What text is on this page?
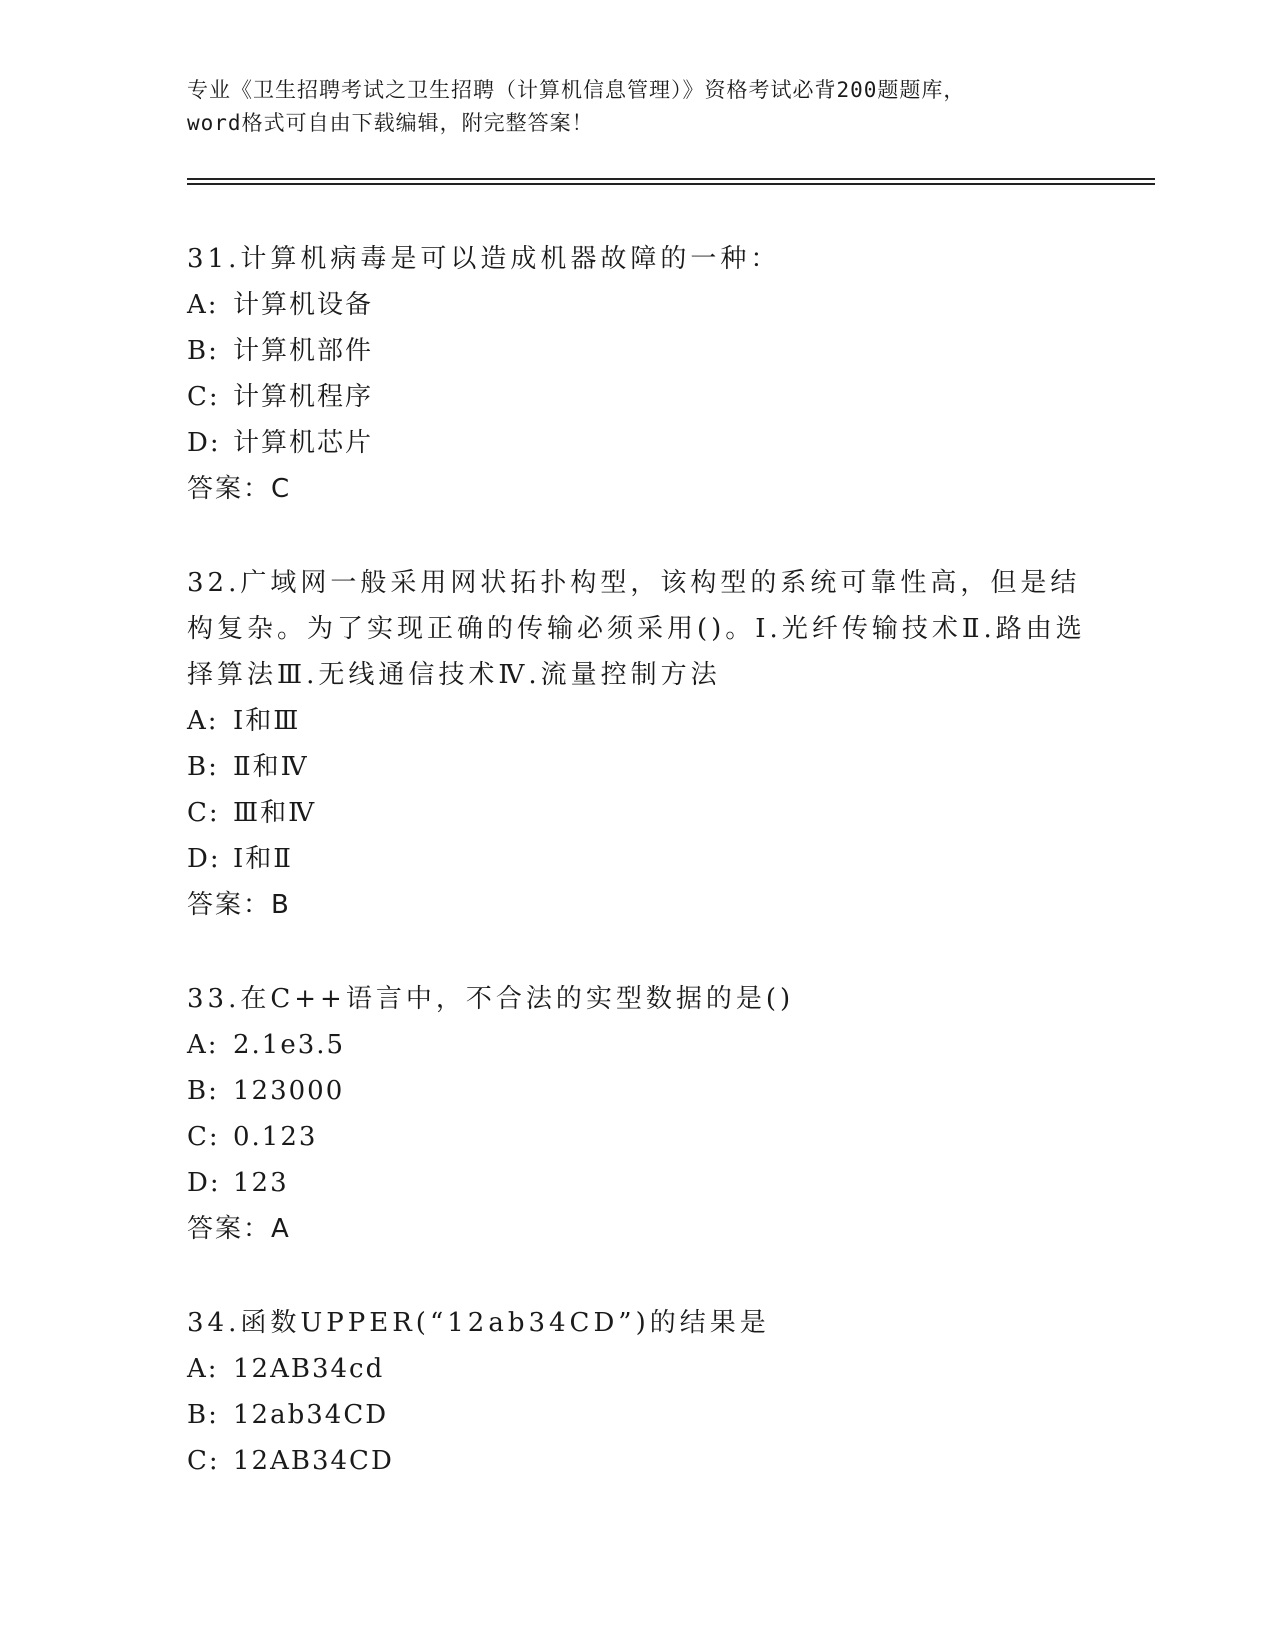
专业《卫生招聘考试之卫生招聘（计算机信息管理）》资格考试必背200题题库，
word格式可自由下载编辑，附完整答案！

31.计算机病毒是可以造成机器故障的一种：

A: 计算机设备

B: 计算机部件

C: 计算机程序

D: 计算机芯片

答案：C

32.广域网一般采用网状拓扑构型，该构型的系统可靠性高，但是结构复杂。为了实现正确的传输必须采用()。Ⅰ.光纤传输技术Ⅱ.路由选择算法Ⅲ.无线通信技术Ⅳ.流量控制方法

A: Ⅰ和Ⅲ

B: Ⅱ和Ⅳ

C: Ⅲ和Ⅳ

D: Ⅰ和Ⅱ

答案：B

33.在C++语言中，不合法的实型数据的是()

A: 2.1e3.5

B: 123000

C: 0.123

D: 123

答案：A

34.函数UPPER(“12ab34CD”)的结果是

A: 12AB34cd

B: 12ab34CD

C: 12AB34CD
